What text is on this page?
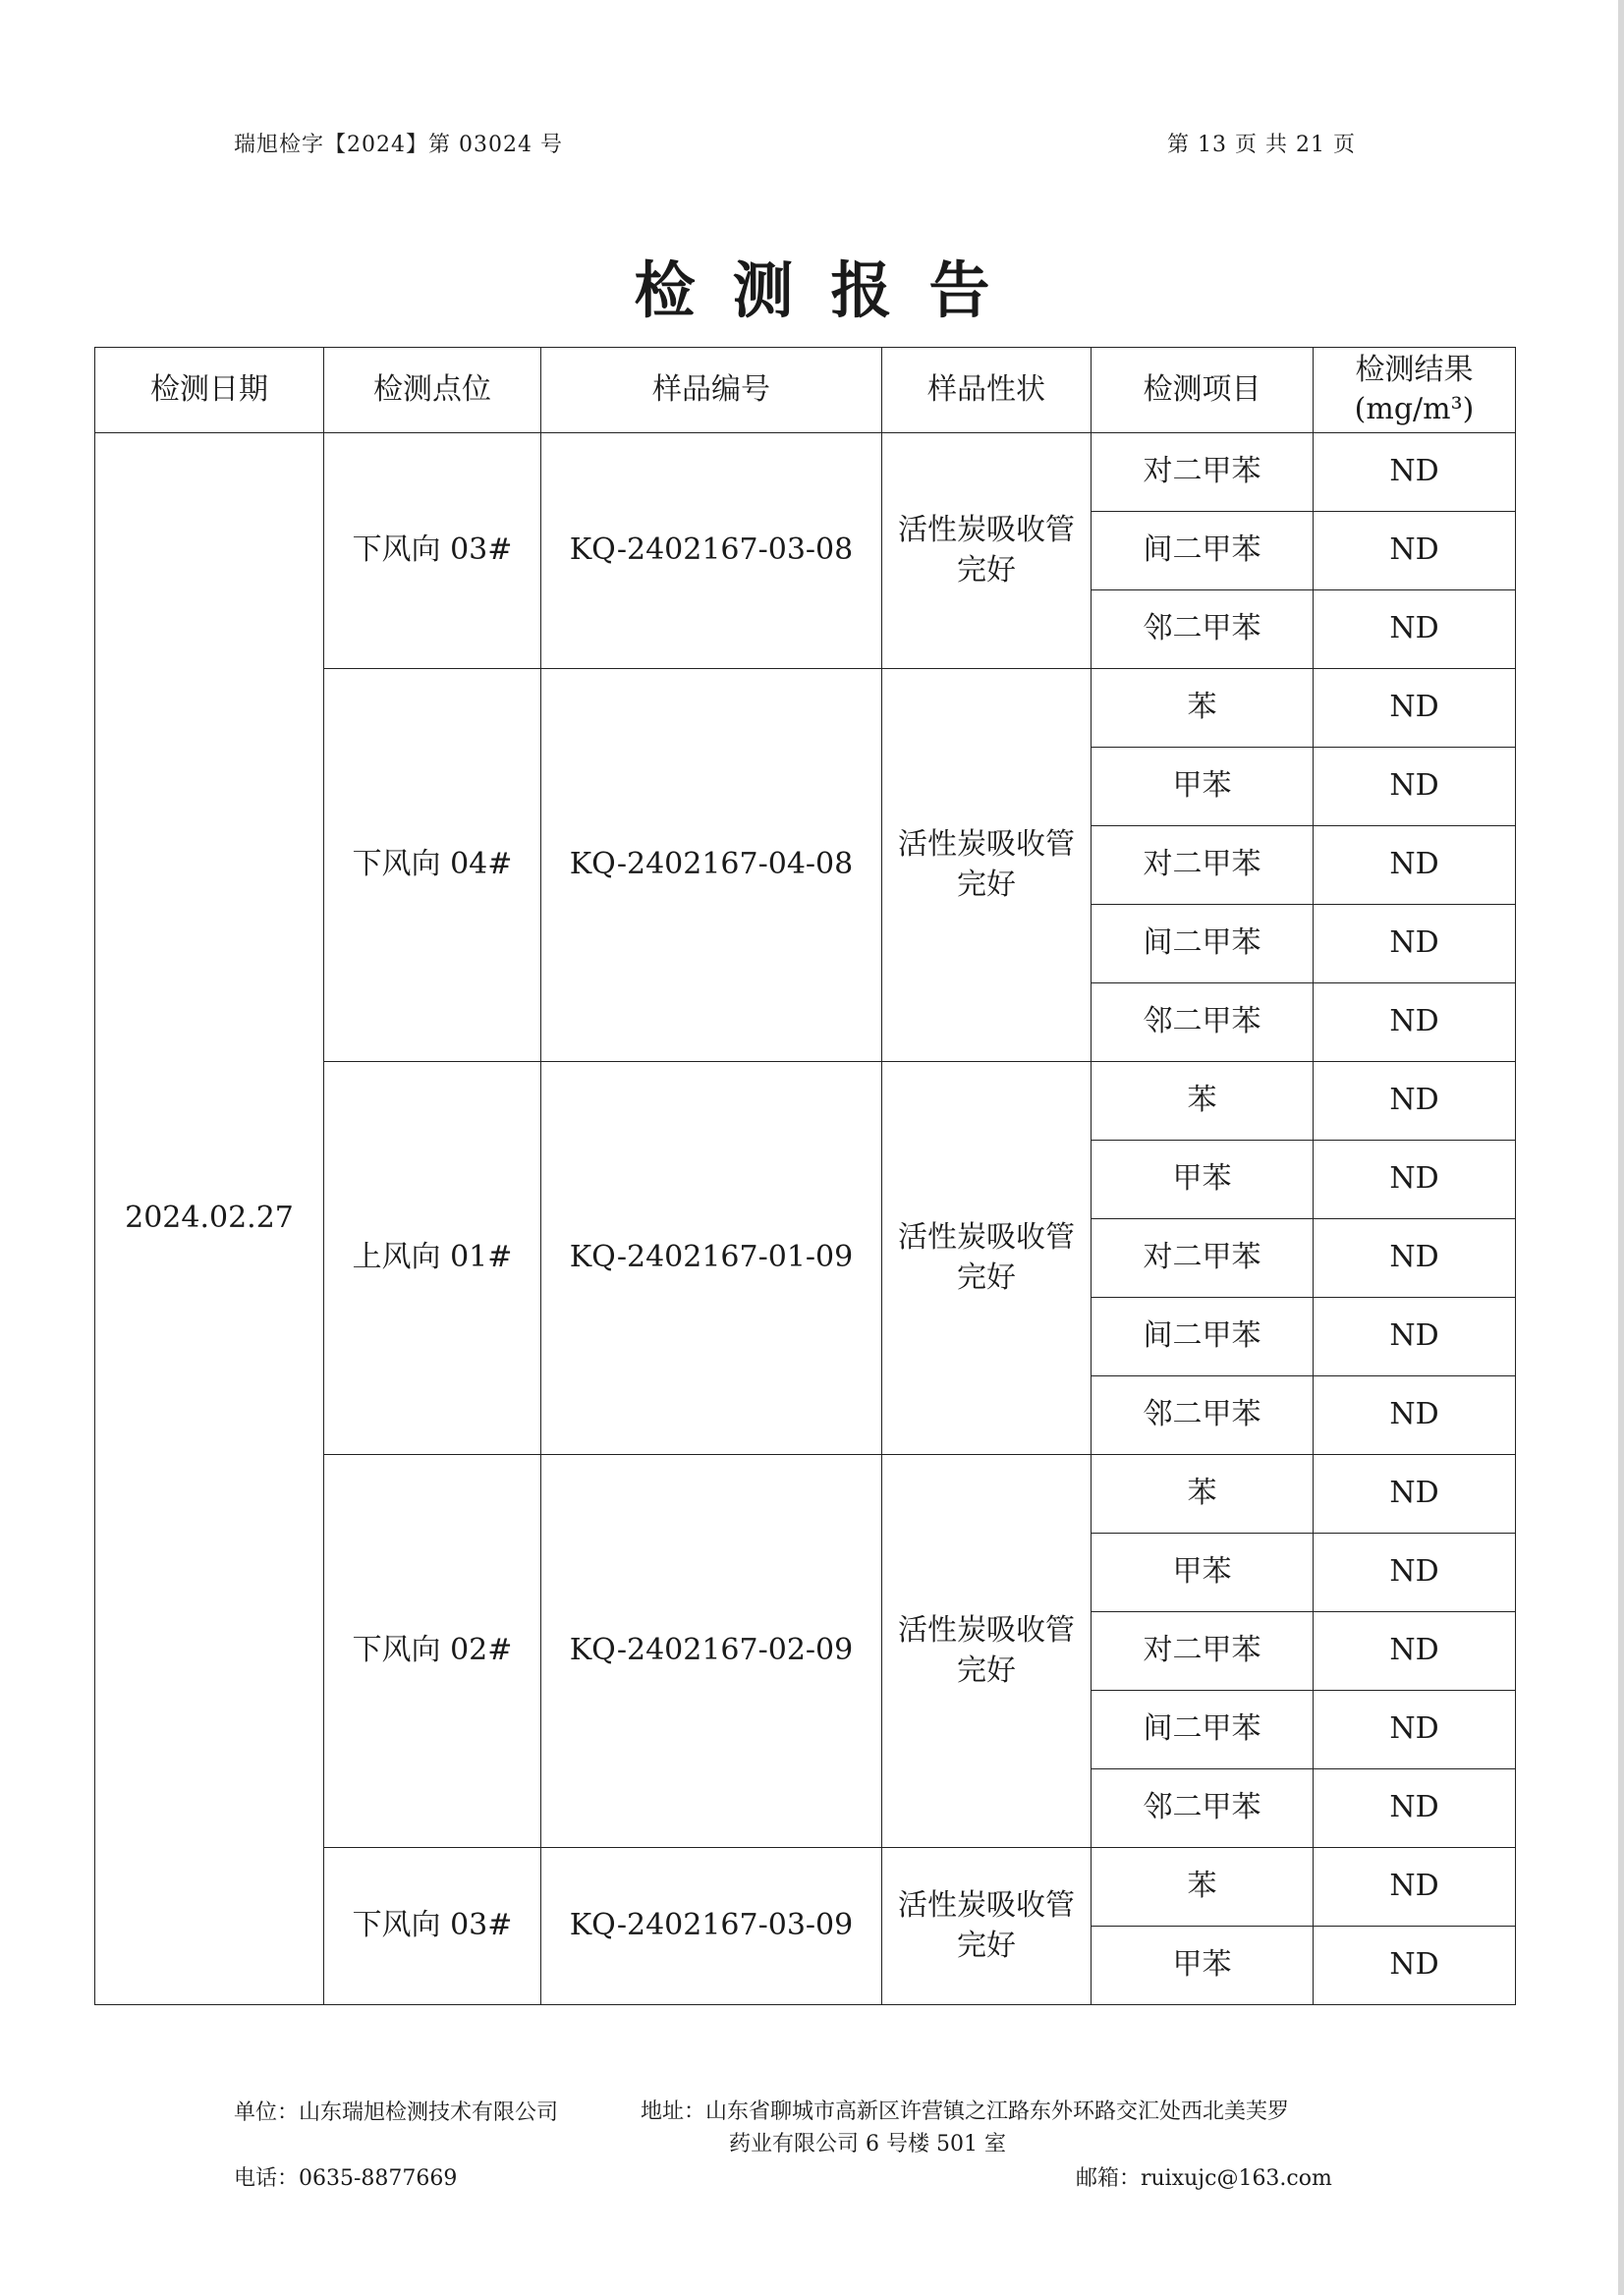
瑞旭检字【2024】第 03024 号	第 13 页 共 21 页
检测报告
检测日期	检测点位	样品编号	样品性状	检测项目	检测结果
(mg/m³)

2024.02.27	下风向 03#	KQ-2402167-03-08	活性炭吸收管完好	对二甲苯	ND
				间二甲苯	ND
				邻二甲苯	ND
	下风向 04#	KQ-2402167-04-08	活性炭吸收管完好	苯	ND
				甲苯	ND
				对二甲苯	ND
				间二甲苯	ND
				邻二甲苯	ND
	上风向 01#	KQ-2402167-01-09	活性炭吸收管完好	苯	ND
				甲苯	ND
				对二甲苯	ND
				间二甲苯	ND
				邻二甲苯	ND
	下风向 02#	KQ-2402167-02-09	活性炭吸收管完好	苯	ND
				甲苯	ND
				对二甲苯	ND
				间二甲苯	ND
				邻二甲苯	ND
	下风向 03#	KQ-2402167-03-09	活性炭吸收管完好	苯	ND
				甲苯	ND
单位：山东瑞旭检测技术有限公司	地址：山东省聊城市高新区许营镇之江路东外环路交汇处西北美芙罗
药业有限公司 6 号楼 501 室
电话：0635-8877669	邮箱：ruixujc@163.com
